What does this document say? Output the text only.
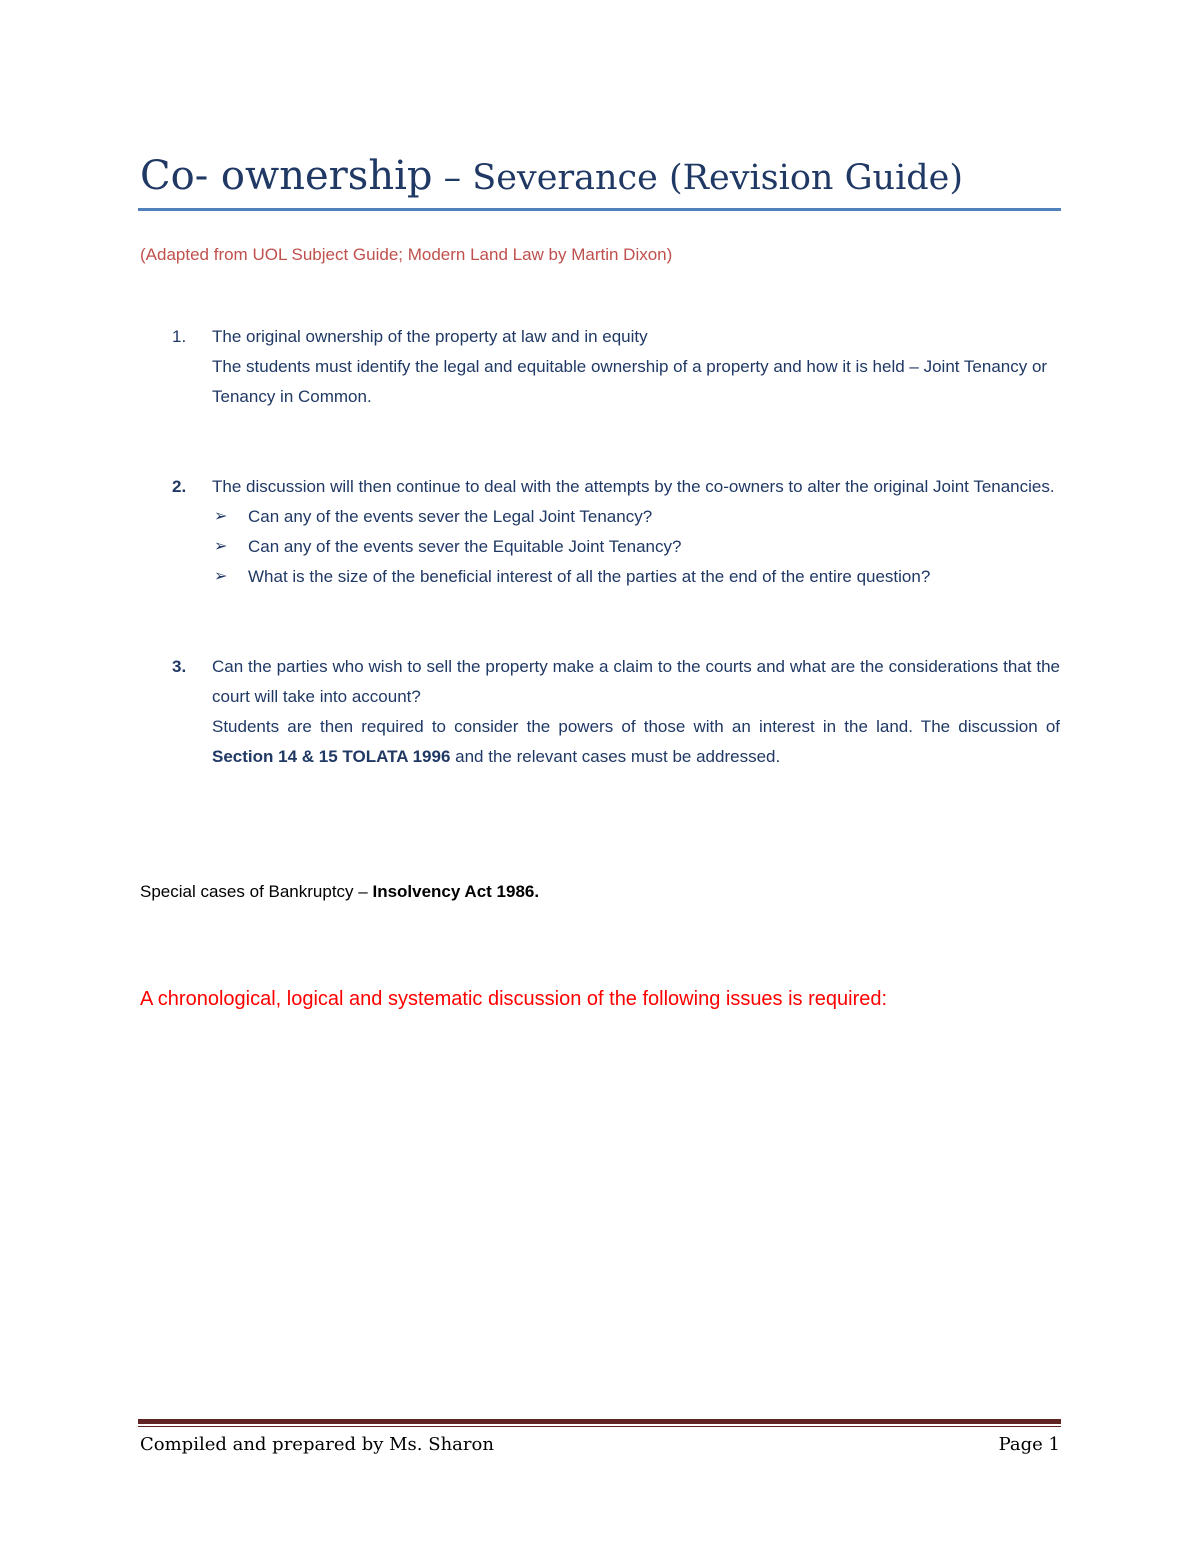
Co- ownership – Severance (Revision Guide)
(Adapted from UOL Subject Guide; Modern Land Law by Martin Dixon)
1. The original ownership of the property at law and in equity

The students must identify the legal and equitable ownership of a property and how it is held – Joint Tenancy or Tenancy in Common.

2. The discussion will then continue to deal with the attempts by the co-owners to alter the original Joint Tenancies.

➢ Can any of the events sever the Legal Joint Tenancy?
➢ Can any of the events sever the Equitable Joint Tenancy?
➢ What is the size of the beneficial interest of all the parties at the end of the entire question?
3. Can the parties who wish to sell the property make a claim to the courts and what are the considerations that the court will take into account?

Students are then required to consider the powers of those with an interest in the land. The discussion of Section 14 & 15 TOLATA 1996 and the relevant cases must be addressed.

Special cases of Bankruptcy – Insolvency Act 1986.
A chronological, logical and systematic discussion of the following issues is required:
Compiled and prepared by Ms. Sharon	Page 1
